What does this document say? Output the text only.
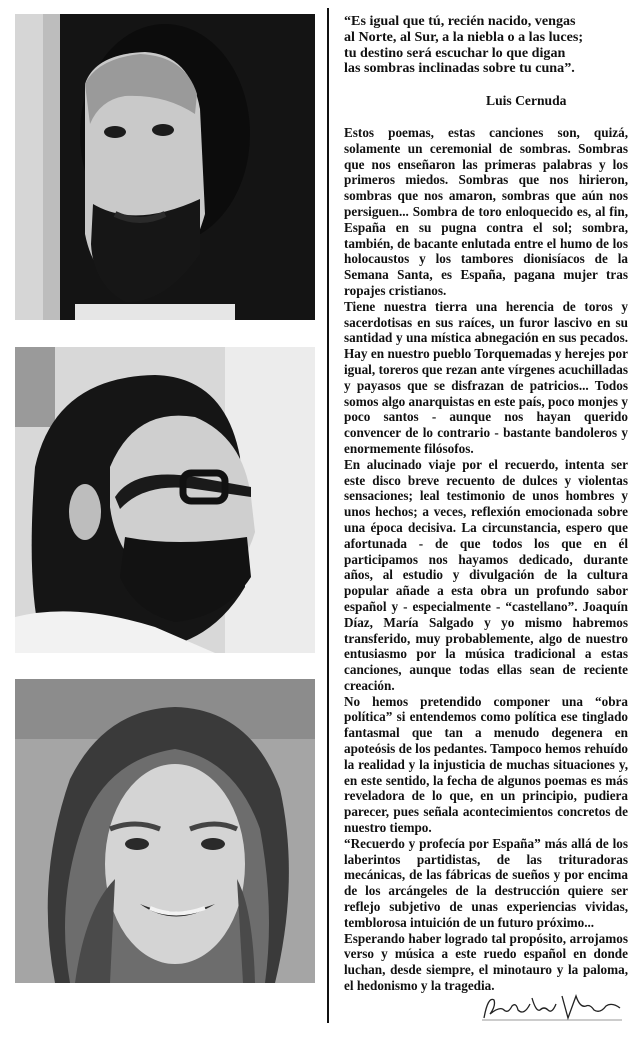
“Es igual que tú, recién nacido, vengas

al Norte, al Sur, a la niebla o a las luces;

tu destino será escuchar lo que digan

las sombras inclinadas sobre tu cuna”.

Luis Cernuda

Estos poemas, estas canciones son, quizá, solamente un ceremonial de sombras. Sombras que nos enseñaron las primeras palabras y los primeros miedos. Sombras que nos hirieron, sombras que nos amaron, sombras que aún nos persiguen... Sombra de toro enloquecido es, al fin, España en su pugna contra el sol; sombra, también, de bacante enlutada entre el humo de los holocaustos y los tambores dionisíacos de la Semana Santa, es España, pagana mujer tras ropajes cristianos.

Tiene nuestra tierra una herencia de toros y sacerdotisas en sus raíces, un furor lascivo en su santidad y una mística abnegación en sus pecados. Hay en nuestro pueblo Torquemadas y herejes por igual, toreros que rezan ante vírgenes acuchilladas y payasos que se disfrazan de patricios... Todos somos algo anarquistas en este país, poco monjes y poco santos - aunque nos hayan querido convencer de lo contrario - bastante bandoleros y enormemente filósofos.

En alucinado viaje por el recuerdo, intenta ser este disco breve recuento de dulces y violentas sensaciones; leal testimonio de unos hombres y unos hechos; a veces, reflexión emocionada sobre una época decisiva. La circunstancia, espero que afortunada - de que todos los que en él participamos nos hayamos dedicado, durante años, al estudio y divulgación de la cultura popular añade a esta obra un profundo sabor español y - especialmente - “castellano”. Joaquín Díaz, María Salgado y yo mismo habremos transferido, muy probablemente, algo de nuestro entusiasmo por la música tradicional a estas canciones, aunque todas ellas sean de reciente creación.

No hemos pretendido componer una “obra política” si entendemos como política ese tinglado fantasmal que tan a menudo degenera en apoteósis de los pedantes. Tampoco hemos rehuído la realidad y la injusticia de muchas situaciones y, en este sentido, la fecha de algunos poemas es más reveladora de lo que, en un principio, pudiera parecer, pues señala acontecimientos concretos de nuestro tiempo.

“Recuerdo y profecía por España” más allá de los laberintos partidistas, de las trituradoras mecánicas, de las fábricas de sueños y por encima de los arcángeles de la destrucción quiere ser reflejo subjetivo de unas experiencias vividas, temblorosa intuición de un futuro próximo...

Esperando haber logrado tal propósito, arrojamos verso y música a este ruedo español en donde luchan, desde siempre, el minotauro y la paloma, el hedonismo y la tragedia.
